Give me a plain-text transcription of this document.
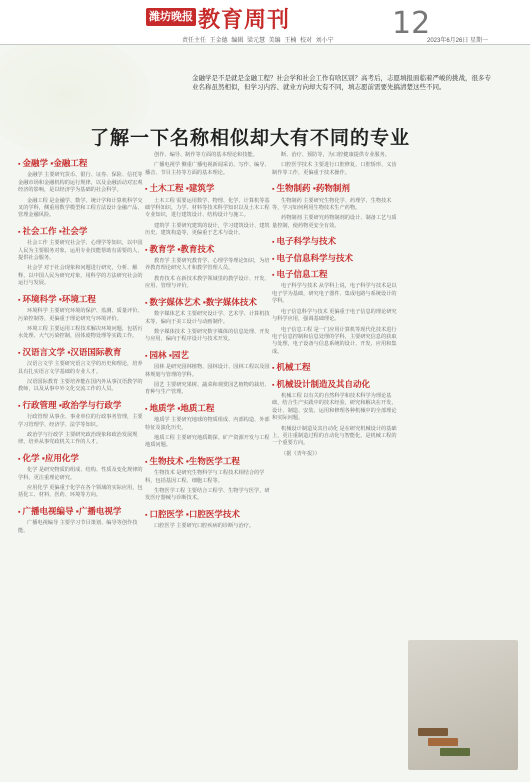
潍坊晚报 教育周刊	12
责任主任 王金德 编辑 梁元慧 美编 王楠 校对 刘小宁	2023年6月26日 星期一
金融学是不是就是金融工程？社会学和社会工作有啥区别？高考后，志愿填报面临着严峻的挑战，很多专业名称虽然相似，但学习内容、就业方向却大有不同，填志愿前需要先搞清楚这些不同。
了解一下名称相似却大有不同的专业
▪ 金融学 ▪金融工程

金融学 主要研究货币、银行、证券、保险、信托等金融市场和金融机构的运行规律，以及金融活动对宏观经济的影响，是以经济学为基础的社会科学。

金融工程 是金融学、数学、统计学和计算机科学交叉的学科，侧重用数学模型和工程方法设计金融产品、管理金融风险。

▪ 社会工作 ▪社会学

社会工作 主要研究社会学、心理学等知识，以中国人民为主要服务对象，运用专业技能帮助有需要的人，提供社会服务。

社会学 对于社会现象和问题进行研究，分析、解释，以中国人民为研究对象，用科学的方法研究社会的运行与发展。

▪ 环境科学 ▪环境工程

环境科学 主要研究环境的保护、监测、质量评价、污染控制等，更偏重于理论研究与环境评价。

环境工程 主要运用工程技术解决环境问题，包括污水处理、大气污染控制、固体废物处理等实践工作。

▪ 汉语言文学 ▪汉语国际教育

汉语言文学 主要研究语言文学的历史和理论，培养具有扎实语言文学基础的专业人才。

汉语国际教育 主要培养能在国内外从事汉语教学的教师，以及从事中外文化交流工作的人员。

▪ 行政管理 ▪政治学与行政学

行政管理 从事企、事业单位的行政事务管理，主要学习管理学、经济学、法学等知识。

政治学与行政学 主要研究政治现象和政治发展规律，培养从事党政机关工作的人才。

▪ 化学 ▪应用化学

化学 是研究物质的组成、结构、性质及变化规律的学科，更注重理论研究。

应用化学 更偏重于化学在各个领域的实际应用，包括化工、材料、医药、环境等方向。

▪ 广播电视编导 ▪广播电视学

广播电视编导 主要学习节目策划、编导等创作技能。

创作、编导、制作等方面的基本理论和技能。

广播电视学 侧重广播电视新闻采访、写作、编导、播音、节目主持等方面的基本理论。

▪ 土木工程 ▪建筑学

土木工程 需要运用数学、物理、化学、计算机等基础学科知识，力学、材料等技术科学知识以及土木工程专业知识，进行建筑设计、结构设计与施工。

建筑学 主要研究建筑的设计，学习建筑设计、建筑历史、建筑构造等，更偏重于艺术与设计。

▪ 教育学 ▪教育技术

教育学 主要研究教育学、心理学等理论知识，为培养教育理论研究人才和教学管理人员。

教育技术 在新技术教学领域里的教学设计、开发、应用、管理与评价。

▪ 数字媒体艺术 ▪数字媒体技术

数字媒体艺术 主要研究设计学、艺术学、计算机技术等，偏向于美工设计与动画制作。

数字媒体技术 主要研究数字媒体的信息处理、开发与应用，偏向于程序设计与技术开发。

▪ 园林 ▪园艺

园林 是研究园林植物、园林设计、园林工程以及园林规划与管理的学科。

园艺 主要研究果树、蔬菜和观赏园艺植物的栽培、育种与生产管理。

▪ 地质学 ▪地质工程

地质学 主要研究地球的物质组成、内部构造、外部特征及演化历史。

地质工程 主要研究地质勘探、矿产资源开发与工程地质问题。

▪ 生物技术 ▪生物医学工程

生物技术 是研究生物科学与工程技术相结合的学科，包括基因工程、细胞工程等。

生物医学工程 主要结合工程学、生物学与医学，研发医疗器械与诊断技术。

▪ 口腔医学 ▪口腔医学技术

口腔医学 主要研究口腔疾病的诊断与治疗。

断、治疗、预防等，为口腔健康提供专业服务。

口腔医学技术 主要进行口腔修复、口腔矫形、义齿制作等工作，更偏重于技术操作。

▪ 生物制药 ▪药物制剂

生物制药 主要研究生物化学、药理学、生物技术等，学习如何利用生物技术生产药物。

药物制剂 主要研究药物制剂的设计、制备工艺与质量控制，使药物更安全有效。

▪ 电子科学与技术
▪ 电子信息科学与技术
▪ 电子信息工程

电子科学与技术 从学科上说，电子科学与技术是以电子学为基础，研究电子器件、集成电路与系统设计的学科。

电子信息科学与技术 更偏重于电子信息的理论研究与科学应用，强调基础理论。

电子信息工程 是一门应用计算机等现代化技术进行电子信息控制和信息处理的学科，主要研究信息的获取与处理，电子设备与信息系统的设计、开发、应用和集成。

▪ 机械工程
▪ 机械设计制造及其自动化

机械工程 以有关的自然科学和技术科学为理论基础，结合生产实践中的技术经验，研究和解决在开发、设计、制造、安装、运用和修理各种机械中的全部理论和实际问题。

机械设计制造及其自动化 是在研究机械设计的基础上，更注重制造过程的自动化与智能化，是机械工程的一个重要方向。

（据《青年报》）
